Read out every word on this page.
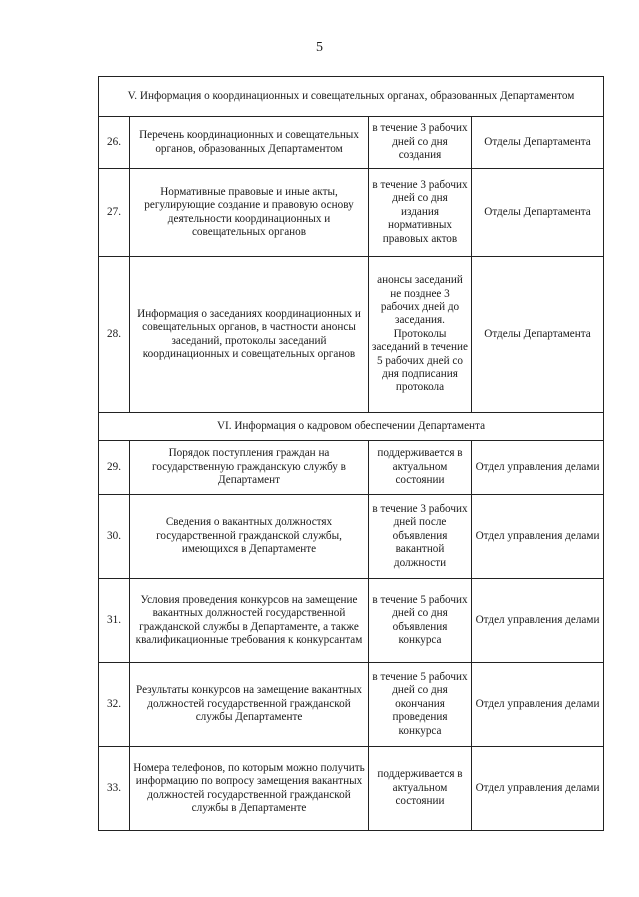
5
V. Информация о координационных и совещательных органах, образованных Департаментом			
26.	Перечень координационных и совещательных органов, образованных Департаментом	в течение 3 рабочих дней со дня создания	Отделы Департамента
27.	Нормативные правовые и иные акты, регулирующие создание и правовую основу деятельности координационных и совещательных органов	в течение 3 рабочих дней со дня издания нормативных правовых актов	Отделы Департамента
28.	Информация о заседаниях координационных и совещательных органов, в частности анонсы заседаний, протоколы заседаний координационных и совещательных органов	анонсы заседаний не позднее 3 рабочих дней до заседания. Протоколы заседаний в течение 5 рабочих дней со дня подписания протокола	Отделы Департамента
VI. Информация о кадровом обеспечении Департамента			
29.	Порядок поступления граждан на государственную гражданскую службу в Департамент	поддерживается в актуальном состоянии	Отдел управления делами
30.	Сведения о вакантных должностях государственной гражданской службы, имеющихся в Департаменте	в течение 3 рабочих дней после объявления вакантной должности	Отдел управления делами
31.	Условия проведения конкурсов на замещение вакантных должностей государственной гражданской службы в Департаменте, а также квалификационные требования к конкурсантам	в течение 5 рабочих дней со дня объявления конкурса	Отдел управления делами
32.	Результаты конкурсов на замещение вакантных должностей государственной гражданской службы Департаменте	в течение 5 рабочих дней со дня окончания проведения конкурса	Отдел управления делами
33.	Номера телефонов, по которым можно получить информацию по вопросу замещения вакантных должностей государственной гражданской службы в Департаменте	поддерживается в актуальном состоянии	Отдел управления делами
